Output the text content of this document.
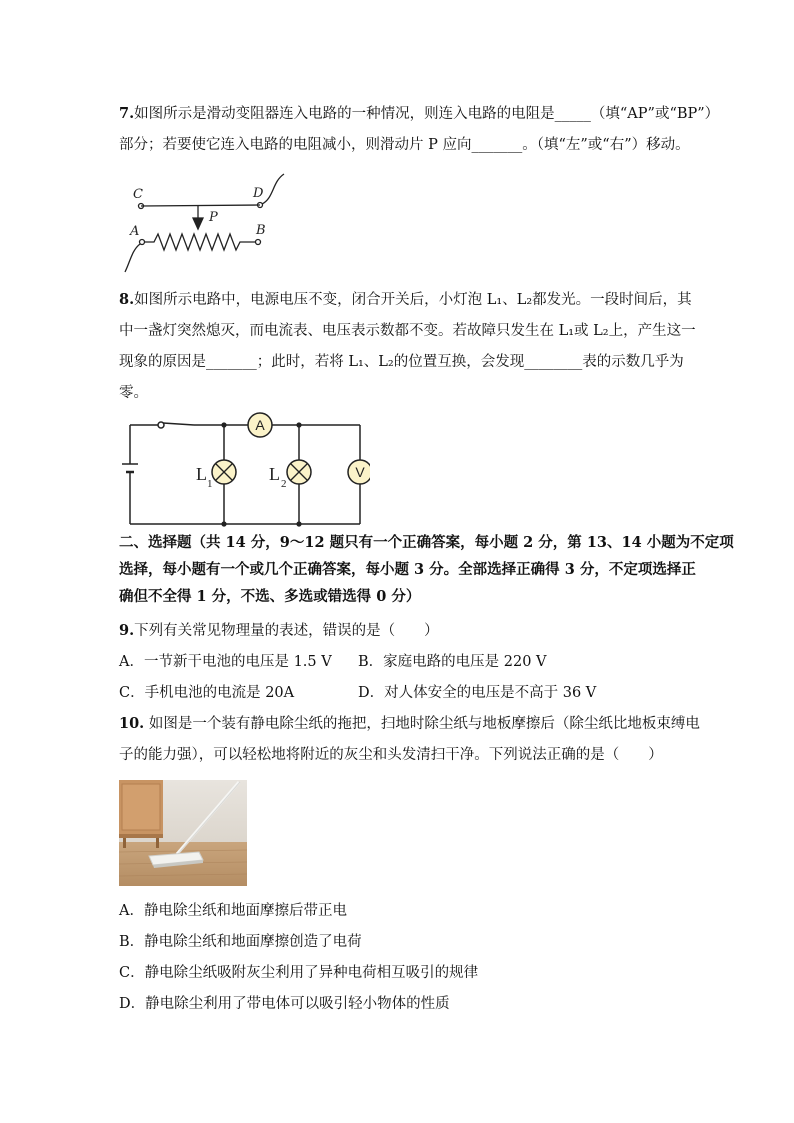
7.如图所示是滑动变阻器连入电路的一种情况，则连入电路的电阻是_____（填“AP”或“BP”）
部分；若要使它连入电路的电阻减小，则滑动片 P 应向_______。（填“左”或“右”）移动。
C	D
P
A	B
8.如图所示电路中，电源电压不变，闭合开关后，小灯泡 L₁、L₂都发光。一段时间后，其
中一盏灯突然熄灭，而电流表、电压表示数都不变。若故障只发生在 L₁或 L₂上，产生这一
现象的原因是_______；此时，若将 L₁、L₂的位置互换，会发现________表的示数几乎为
零。
A
V
L 1	L 2
二、选择题（共 14 分，9～12 题只有一个正确答案，每小题 2 分，第 13、14 小题为不定项
选择，每小题有一个或几个正确答案，每小题 3 分。全部选择正确得 3 分，不定项选择正
确但不全得 1 分，不选、多选或错选得 0 分）
9.下列有关常见物理量的表述，错误的是（　　）
A．一节新干电池的电压是 1.5 V B．家庭电路的电压是 220 V
C．手机电池的电流是 20A	D．对人体安全的电压是不高于 36 V
10. 如图是一个装有静电除尘纸的拖把，扫地时除尘纸与地板摩擦后（除尘纸比地板束缚电
子的能力强），可以轻松地将附近的灰尘和头发清扫干净。下列说法正确的是（　　）
A．静电除尘纸和地面摩擦后带正电
B．静电除尘纸和地面摩擦创造了电荷
C．静电除尘纸吸附灰尘利用了异种电荷相互吸引的规律
D．静电除尘利用了带电体可以吸引轻小物体的性质
